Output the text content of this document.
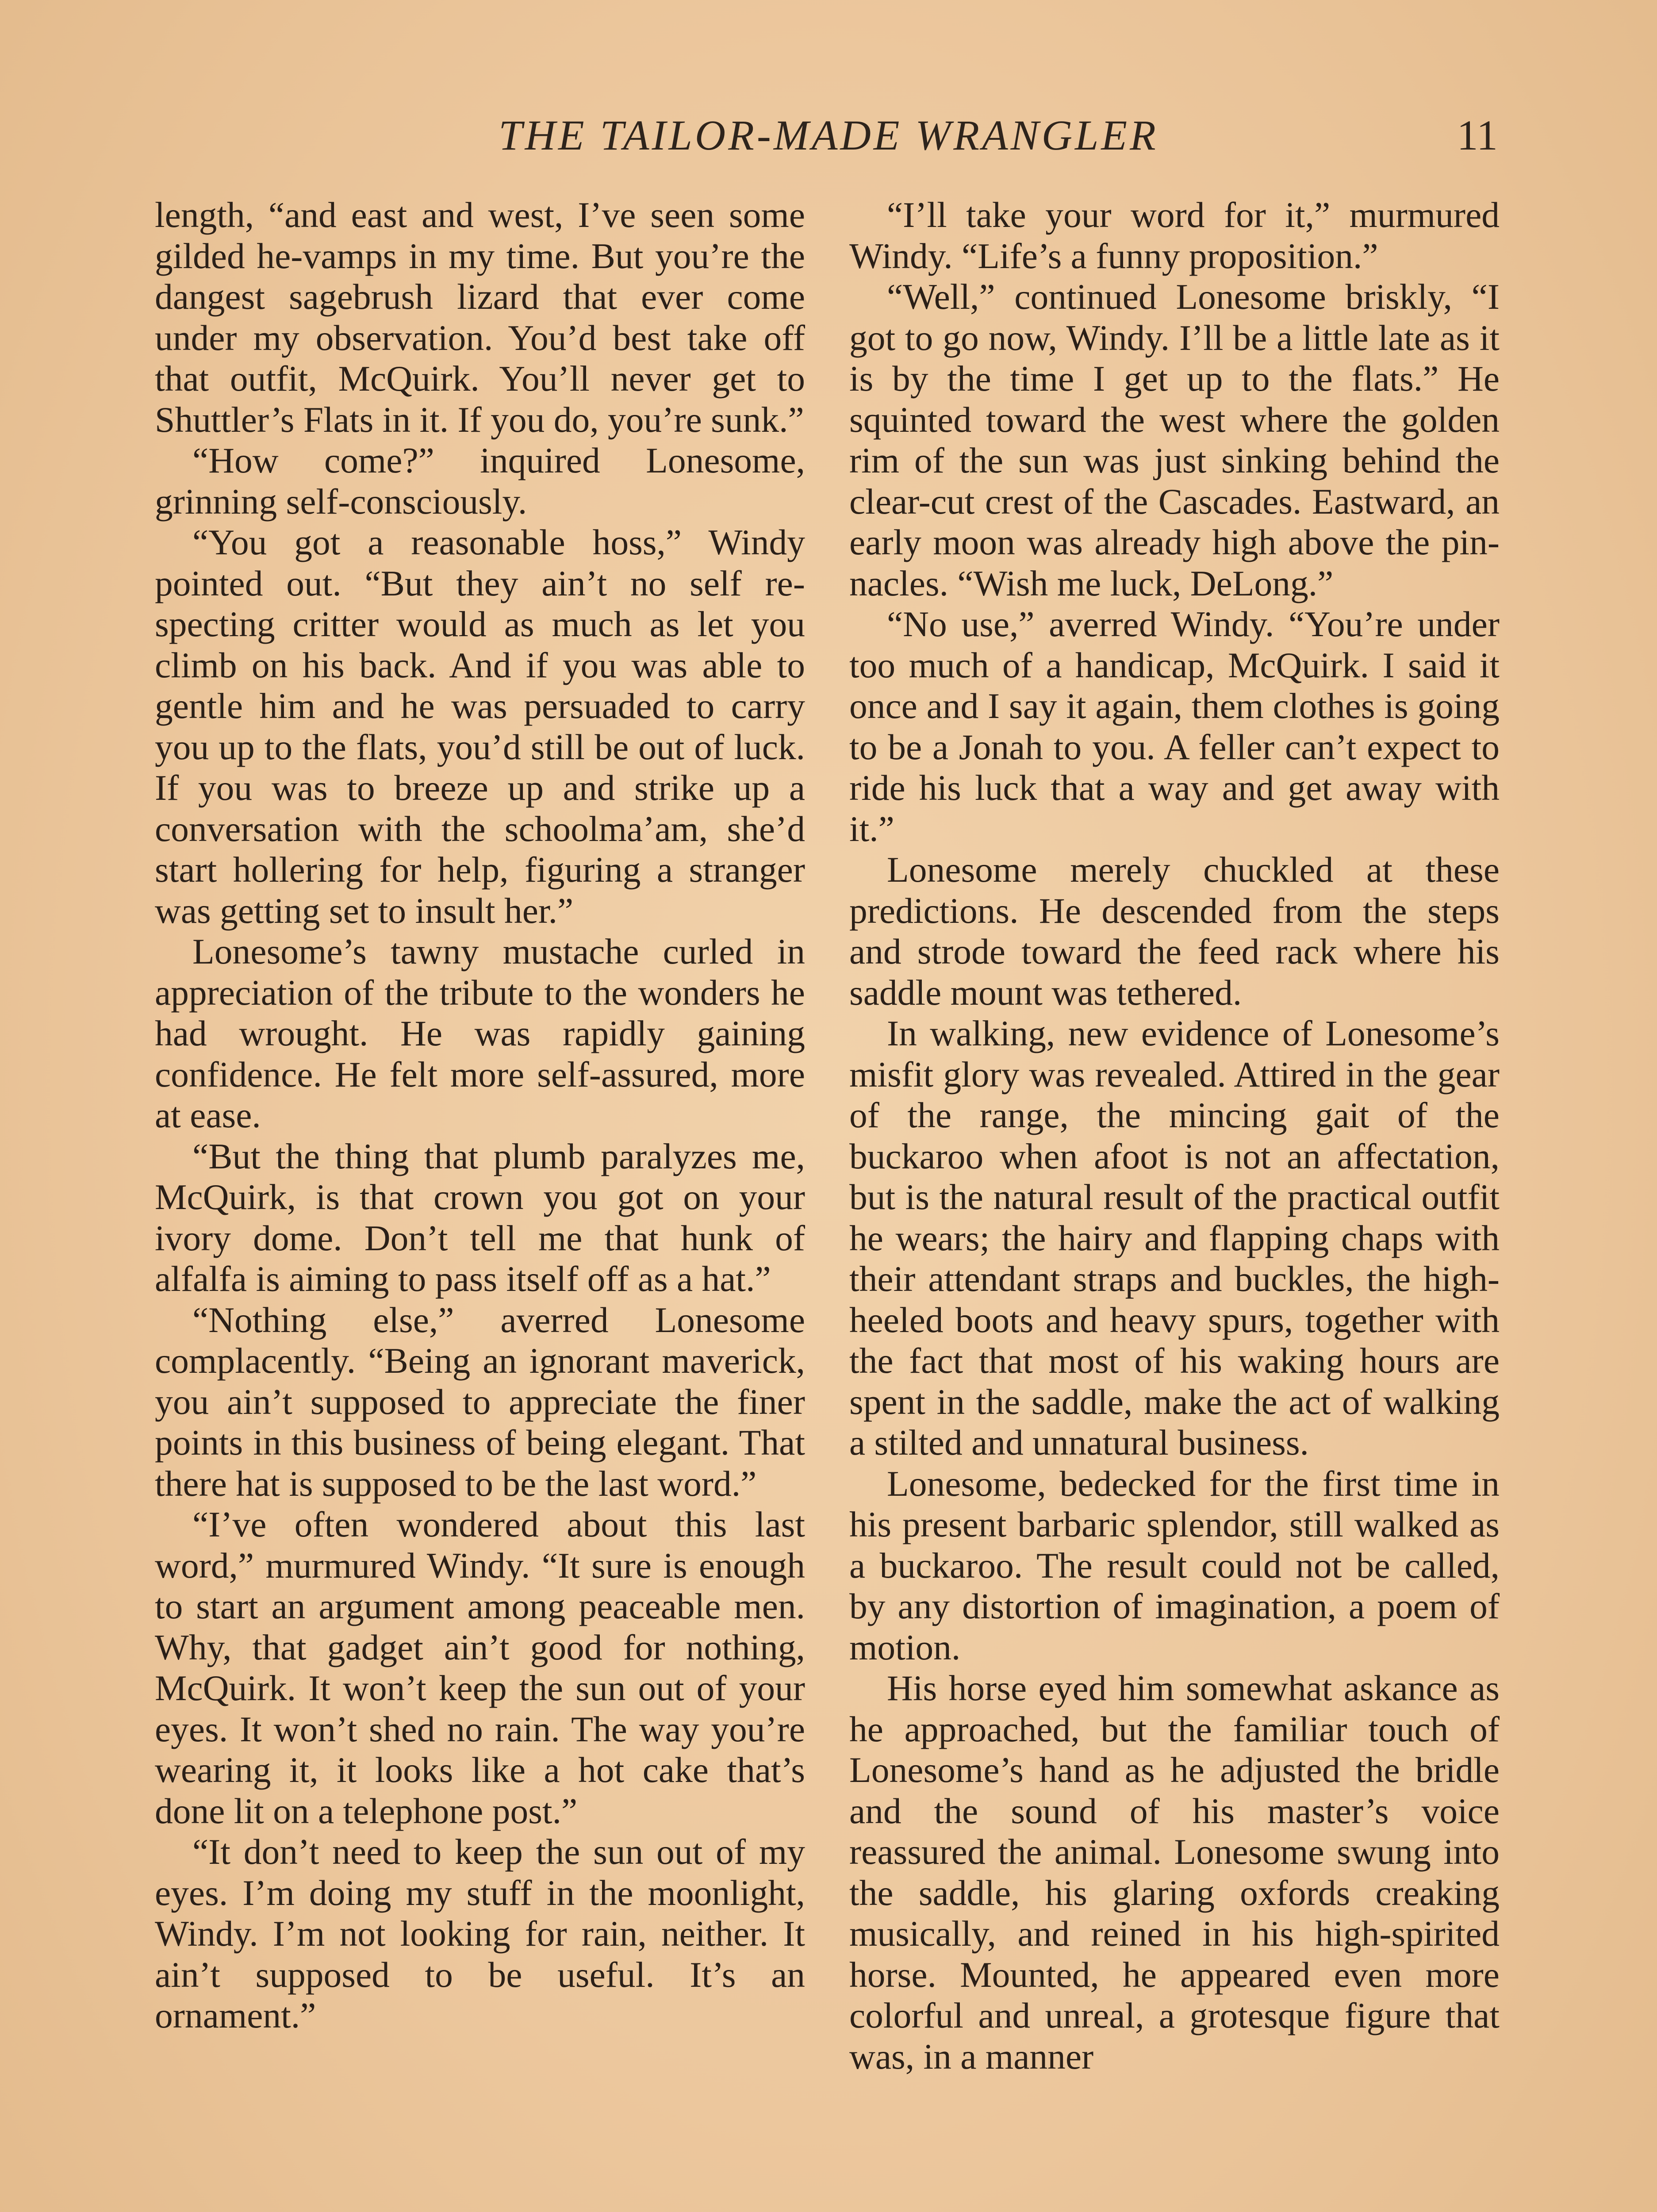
THE TAILOR-MADE WRANGLER	11

length, “and east and west, I’ve seen some gilded he-vamps in my time. But you’re the dangest sagebrush lizard that ever come under my observation. You’d best take off that outfit, McQuirk. You’ll never get to Shuttler’s Flats in it. If you do, you’re sunk.”

“How come?” inquired Lonesome, grinning self-consciously.

“You got a reasonable hoss,” Windy pointed out. “But they ain’t no self respecting critter would as much as let you climb on his back. And if you was able to gentle him and he was persuaded to carry you up to the flats, you’d still be out of luck. If you was to breeze up and strike up a conversation with the schoolma’am, she’d start hollering for help, figuring a stranger was getting set to insult her.”

Lonesome’s tawny mustache curled in appreciation of the tribute to the wonders he had wrought. He was rapidly gaining confidence. He felt more self-assured, more at ease.

“But the thing that plumb paralyzes me, McQuirk, is that crown you got on your ivory dome. Don’t tell me that hunk of alfalfa is aiming to pass itself off as a hat.”

“Nothing else,” averred Lonesome complacently. “Being an ignorant maverick, you ain’t supposed to appreciate the finer points in this business of being elegant. That there hat is supposed to be the last word.”

“I’ve often wondered about this last word,” murmured Windy. “It sure is enough to start an argument among peaceable men. Why, that gadget ain’t good for nothing, McQuirk. It won’t keep the sun out of your eyes. It won’t shed no rain. The way you’re wearing it, it looks like a hot cake that’s done lit on a telephone post.”

“It don’t need to keep the sun out of my eyes. I’m doing my stuff in the moonlight, Windy. I’m not looking for rain, neither. It ain’t supposed to be useful. It’s an ornament.”

“I’ll take your word for it,” murmured Windy. “Life’s a funny proposition.”

“Well,” continued Lonesome briskly, “I got to go now, Windy. I’ll be a little late as it is by the time I get up to the flats.” He squinted toward the west where the golden rim of the sun was just sinking behind the clear-cut crest of the Cascades. Eastward, an early moon was already high above the pinnacles. “Wish me luck, DeLong.”

“No use,” averred Windy. “You’re under too much of a handicap, McQuirk. I said it once and I say it again, them clothes is going to be a Jonah to you. A feller can’t expect to ride his luck that a way and get away with it.”

Lonesome merely chuckled at these predictions. He descended from the steps and strode toward the feed rack where his saddle mount was tethered.

In walking, new evidence of Lonesome’s misfit glory was revealed. Attired in the gear of the range, the mincing gait of the buckaroo when afoot is not an affectation, but is the natural result of the practical outfit he wears; the hairy and flapping chaps with their attendant straps and buckles, the high-heeled boots and heavy spurs, together with the fact that most of his waking hours are spent in the saddle, make the act of walking a stilted and unnatural business.

Lonesome, bedecked for the first time in his present barbaric splendor, still walked as a buckaroo. The result could not be called, by any distortion of imagination, a poem of motion.

His horse eyed him somewhat askance as he approached, but the familiar touch of Lonesome’s hand as he adjusted the bridle and the sound of his master’s voice reassured the animal. Lonesome swung into the saddle, his glaring oxfords creaking musically, and reined in his high-spirited horse. Mounted, he appeared even more colorful and unreal, a grotesque figure that was, in a manner
